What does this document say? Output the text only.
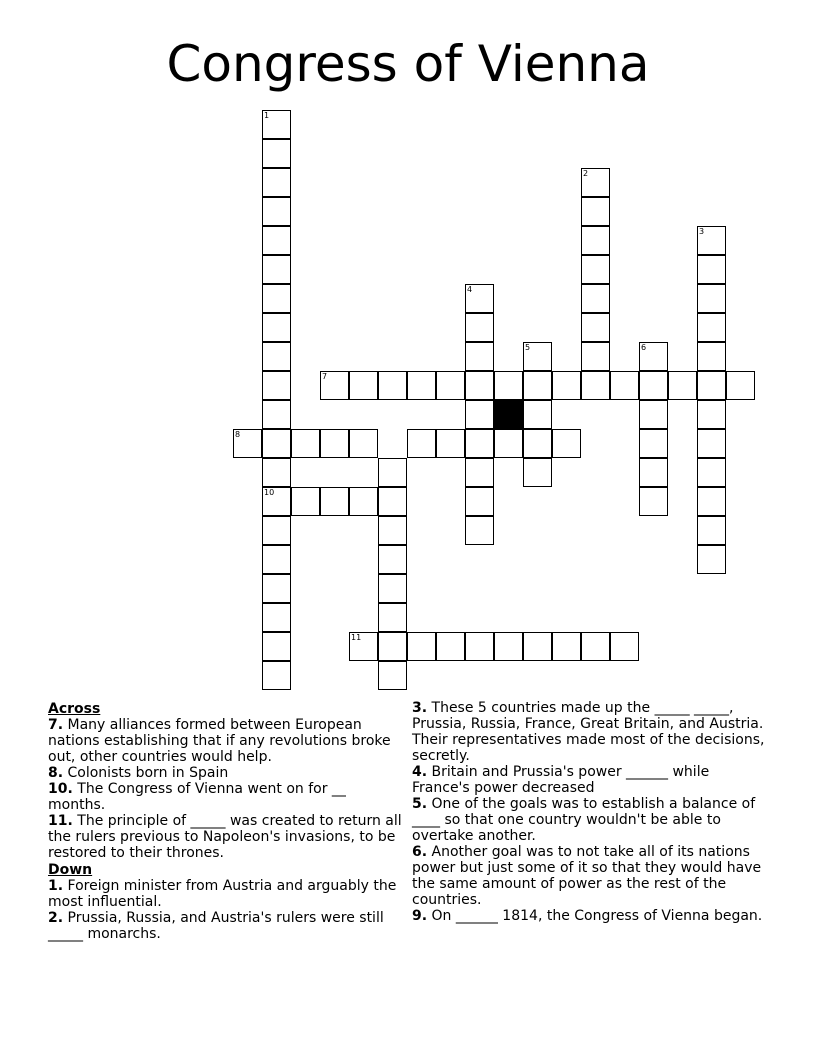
Congress of Vienna
1
10
2
3
4
5	6
7
8
11
Across

7. Many alliances formed between European nations establishing that if any revolutions broke out, other countries would help.

8. Colonists born in Spain

10. The Congress of Vienna went on for __ months.

11. The principle of _____ was created to return all the rulers previous to Napoleon's invasions, to be restored to their thrones.

Down

1. Foreign minister from Austria and arguably the most influential.

2. Prussia, Russia, and Austria's rulers were still _____ monarchs.

3. These 5 countries made up the _____ _____, Prussia, Russia, France, Great Britain, and Austria. Their representatives made most of the decisions, secretly.

4. Britain and Prussia's power ______ while France's power decreased

5. One of the goals was to establish a balance of ____ so that one country wouldn't be able to overtake another.

6. Another goal was to not take all of its nations power but just some of it so that they would have the same amount of power as the rest of the countries.

9. On ______ 1814, the Congress of Vienna began.
